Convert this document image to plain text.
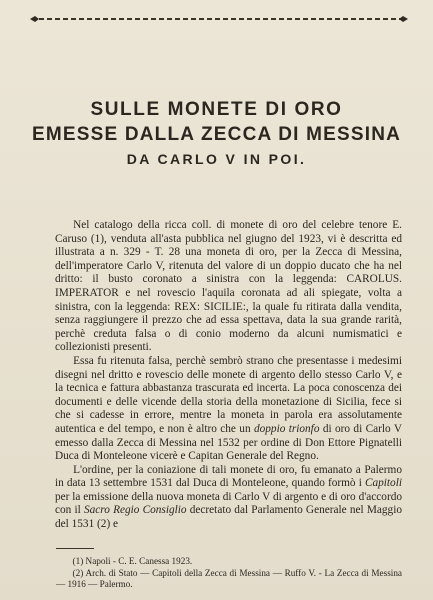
SULLE MONETE DI ORO
EMESSE DALLA ZECCA DI MESSINA
DA CARLO V IN POI.

Nel catalogo della ricca coll. di monete di oro del celebre tenore E. Caruso (1), venduta all'asta pubblica nel giugno del 1923, vi è descritta ed illustrata a n. 329 - T. 28 una moneta di oro, per la Zecca di Messina, dell'imperatore Carlo V, ritenuta del valore di un doppio ducato che ha nel dritto: il busto coronato a sinistra con la leggenda: CAROLUS. IMPERATOR e nel rovescio l'aquila coronata ad ali spiegate, volta a sinistra, con la leggenda: REX: SICILIE:, la quale fu ritirata dalla vendita, senza raggiungere il prezzo che ad essa spettava, data la sua grande rarità, perchè creduta falsa o di conio moderno da alcuni numismatici e collezionisti presenti.

Essa fu ritenuta falsa, perchè sembrò strano che presentasse i medesimi disegni nel dritto e rovescio delle monete di argento dello stesso Carlo V, e la tecnica e fattura abbastanza trascurata ed incerta. La poca conoscenza dei documenti e delle vicende della storia della monetazione di Sicilia, fece si che si cadesse in errore, mentre la moneta in parola era assolutamente autentica e del tempo, e non è altro che un doppio trionfo di oro di Carlo V emesso dalla Zecca di Messina nel 1532 per ordine di Don Ettore Pignatelli Duca di Monteleone vicerè e Capitan Generale del Regno.

L'ordine, per la coniazione di tali monete di oro, fu emanato a Palermo in data 13 settembre 1531 dal Duca di Monteleone, quando formò i Capitoli per la emissione della nuova moneta di Carlo V di argento e di oro d'accordo con il Sacro Regio Consiglio decretato dal Parlamento Generale nel Maggio del 1531 (2) e

(1) Napoli - C. E. Canessa 1923.

(2) Arch. di Stato — Capitoli della Zecca di Messina — Ruffo V. - La Zecca di Messina — 1916 — Palermo.
